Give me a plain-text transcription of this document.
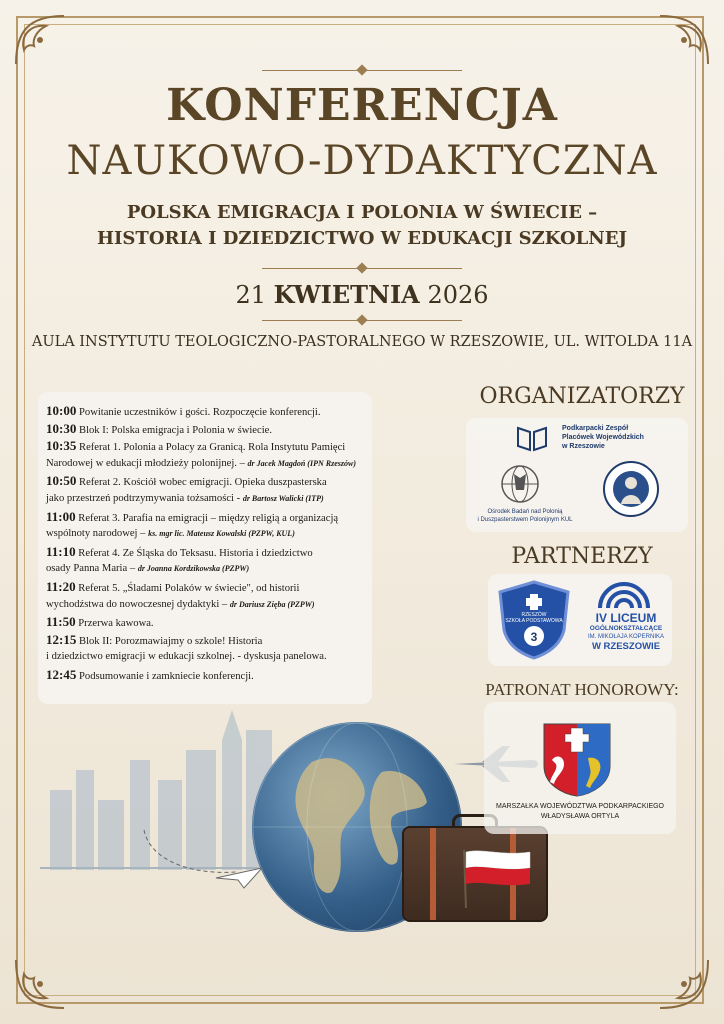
KONFERENCJA
NAUKOWO-DYDAKTYCZNA
POLSKA EMIGRACJA I POLONIA W ŚWIECIE –
HISTORIA I DZIEDZICTWO W EDUKACJI SZKOLNEJ
21 KWIETNIA 2026
AULA INSTYTUTU TEOLOGICZNO-PASTORALNEGO W RZESZOWIE, UL. WITOLDA 11A
10:00 Powitanie uczestników i gości. Rozpoczęcie konferencji.
10:30 Blok I: Polska emigracja i Polonia w świecie.
10:35 Referat 1. Polonia a Polacy za Granicą. Rola Instytutu Pamięci
Narodowej w edukacji młodzieży polonijnej. – dr Jacek Magdoń (IPN Rzeszów)
10:50 Referat 2. Kościół wobec emigracji. Opieka duszpasterska
jako przestrzeń podtrzymywania tożsamości - dr Bartosz Walicki (ITP)
11:00 Referat 3. Parafia na emigracji – między religią a organizacją
wspólnoty narodowej – ks. mgr lic. Mateusz Kowalski (PZPW, KUL)
11:10 Referat 4. Ze Śląska do Teksasu. Historia i dziedzictwo
osady Panna Maria – dr Joanna Kordzikowska (PZPW)
11:20 Referat 5. „Śladami Polaków w świecie", od historii
wychodźstwa do nowoczesnej dydaktyki – dr Dariusz Zięba (PZPW)
11:50 Przerwa kawowa.
12:15 Blok II: Porozmawiajmy o szkole! Historia
i dziedzictwo emigracji w edukacji szkolnej. - dyskusja panelowa.
12:45 Podsumowanie i zamkniecie konferencji.
ORGANIZATORZY
Podkarpacki Zespół
Placówek Wojewódzkich
w Rzeszowie
Ośrodek Badań nad Polonią
i Duszpasterstwem Polonijnym KUL
PARTNERZY
RZESZÓW
SZKOŁA PODSTAWOWA
3
IV LICEUM
OGÓLNOKSZTAŁCĄCE
IM. MIKOŁAJA KOPERNIKA
W RZESZOWIE
PATRONAT HONOROWY:
MARSZAŁKA WOJEWÓDZTWA PODKARPACKIEGO
WŁADYSŁAWA ORTYLA
